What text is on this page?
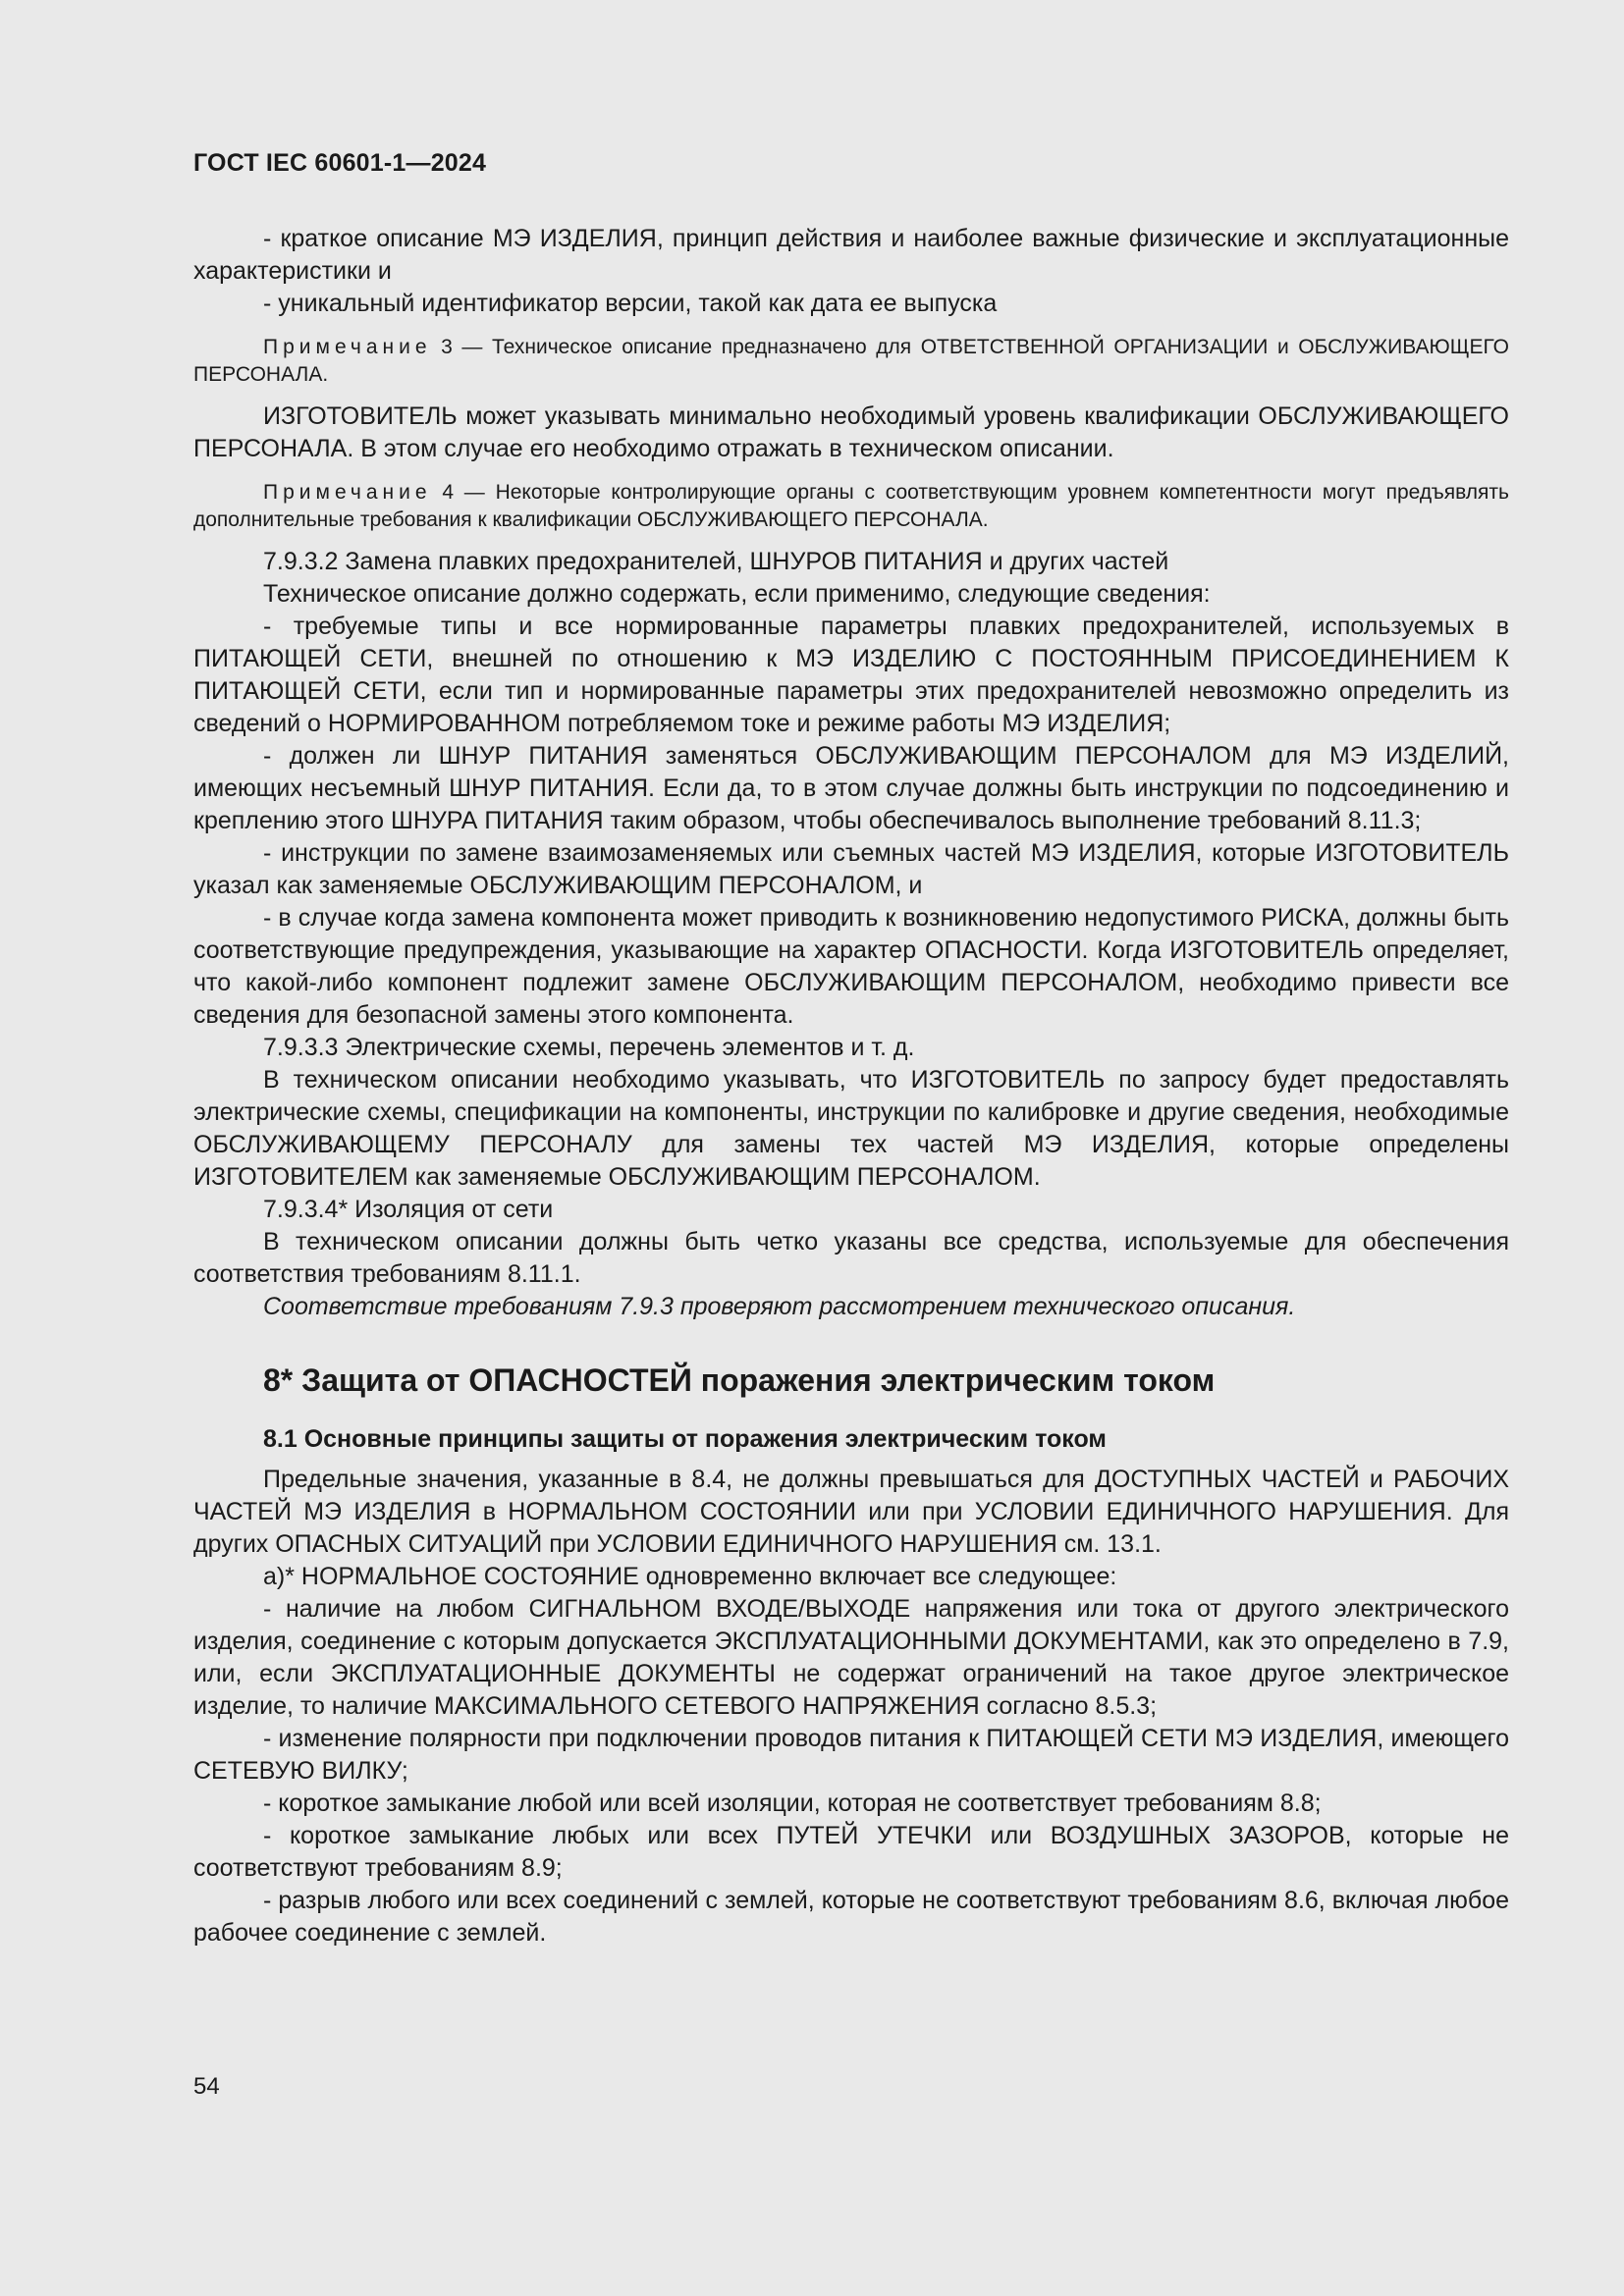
ГОСТ IEC 60601-1—2024

- краткое описание МЭ ИЗДЕЛИЯ, принцип действия и наиболее важные физические и эксплуатационные характеристики и

- уникальный идентификатор версии, такой как дата ее выпуска

Примечание 3 — Техническое описание предназначено для ОТВЕТСТВЕННОЙ ОРГАНИЗАЦИИ и ОБСЛУЖИВАЮЩЕГО ПЕРСОНАЛА.

ИЗГОТОВИТЕЛЬ может указывать минимально необходимый уровень квалификации ОБСЛУЖИВАЮЩЕГО ПЕРСОНАЛА. В этом случае его необходимо отражать в техническом описании.

Примечание 4 — Некоторые контролирующие органы с соответствующим уровнем компетентности могут предъявлять дополнительные требования к квалификации ОБСЛУЖИВАЮЩЕГО ПЕРСОНАЛА.

7.9.3.2 Замена плавких предохранителей, ШНУРОВ ПИТАНИЯ и других частей

Техническое описание должно содержать, если применимо, следующие сведения:

- требуемые типы и все нормированные параметры плавких предохранителей, используемых в ПИТАЮЩЕЙ СЕТИ, внешней по отношению к МЭ ИЗДЕЛИЮ С ПОСТОЯННЫМ ПРИСОЕДИНЕНИЕМ К ПИТАЮЩЕЙ СЕТИ, если тип и нормированные параметры этих предохранителей невозможно определить из сведений о НОРМИРОВАННОМ потребляемом токе и режиме работы МЭ ИЗДЕЛИЯ;

- должен ли ШНУР ПИТАНИЯ заменяться ОБСЛУЖИВАЮЩИМ ПЕРСОНАЛОМ для МЭ ИЗДЕЛИЙ, имеющих несъемный ШНУР ПИТАНИЯ. Если да, то в этом случае должны быть инструкции по подсоединению и креплению этого ШНУРА ПИТАНИЯ таким образом, чтобы обеспечивалось выполнение требований 8.11.3;

- инструкции по замене взаимозаменяемых или съемных частей МЭ ИЗДЕЛИЯ, которые ИЗГОТОВИТЕЛЬ указал как заменяемые ОБСЛУЖИВАЮЩИМ ПЕРСОНАЛОМ, и

- в случае когда замена компонента может приводить к возникновению недопустимого РИСКА, должны быть соответствующие предупреждения, указывающие на характер ОПАСНОСТИ. Когда ИЗГОТОВИТЕЛЬ определяет, что какой-либо компонент подлежит замене ОБСЛУЖИВАЮЩИМ ПЕРСОНАЛОМ, необходимо привести все сведения для безопасной замены этого компонента.

7.9.3.3 Электрические схемы, перечень элементов и т. д.

В техническом описании необходимо указывать, что ИЗГОТОВИТЕЛЬ по запросу будет предоставлять электрические схемы, спецификации на компоненты, инструкции по калибровке и другие сведения, необходимые ОБСЛУЖИВАЮЩЕМУ ПЕРСОНАЛУ для замены тех частей МЭ ИЗДЕЛИЯ, которые определены ИЗГОТОВИТЕЛЕМ как заменяемые ОБСЛУЖИВАЮЩИМ ПЕРСОНАЛОМ.

7.9.3.4* Изоляция от сети

В техническом описании должны быть четко указаны все средства, используемые для обеспечения соответствия требованиям 8.11.1.

Соответствие требованиям 7.9.3 проверяют рассмотрением технического описания.

8* Защита от ОПАСНОСТЕЙ поражения электрическим током

8.1 Основные принципы защиты от поражения электрическим током

Предельные значения, указанные в 8.4, не должны превышаться для ДОСТУПНЫХ ЧАСТЕЙ и РАБОЧИХ ЧАСТЕЙ МЭ ИЗДЕЛИЯ в НОРМАЛЬНОМ СОСТОЯНИИ или при УСЛОВИИ ЕДИНИЧНОГО НАРУШЕНИЯ. Для других ОПАСНЫХ СИТУАЦИЙ при УСЛОВИИ ЕДИНИЧНОГО НАРУШЕНИЯ см. 13.1.

a)* НОРМАЛЬНОЕ СОСТОЯНИЕ одновременно включает все следующее:

- наличие на любом СИГНАЛЬНОМ ВХОДЕ/ВЫХОДЕ напряжения или тока от другого электрического изделия, соединение с которым допускается ЭКСПЛУАТАЦИОННЫМИ ДОКУМЕНТАМИ, как это определено в 7.9, или, если ЭКСПЛУАТАЦИОННЫЕ ДОКУМЕНТЫ не содержат ограничений на такое другое электрическое изделие, то наличие МАКСИМАЛЬНОГО СЕТЕВОГО НАПРЯЖЕНИЯ согласно 8.5.3;

- изменение полярности при подключении проводов питания к ПИТАЮЩЕЙ СЕТИ МЭ ИЗДЕЛИЯ, имеющего СЕТЕВУЮ ВИЛКУ;

- короткое замыкание любой или всей изоляции, которая не соответствует требованиям 8.8;

- короткое замыкание любых или всех ПУТЕЙ УТЕЧКИ или ВОЗДУШНЫХ ЗАЗОРОВ, которые не соответствуют требованиям 8.9;

- разрыв любого или всех соединений с землей, которые не соответствуют требованиям 8.6, включая любое рабочее соединение с землей.

54
